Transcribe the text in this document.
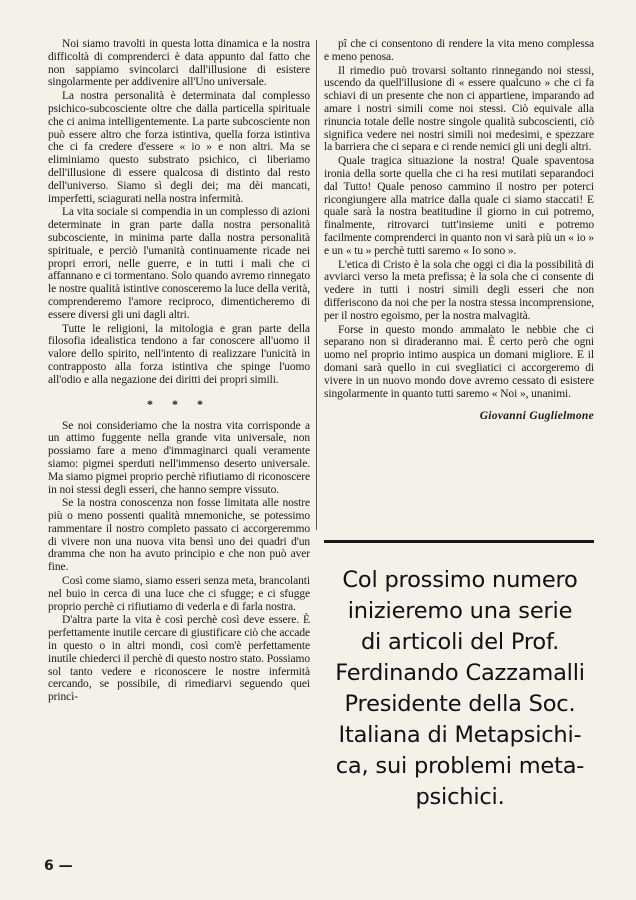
Noi siamo travolti in questa lotta dinamica e la nostra difficoltà di comprenderci è data appunto dal fatto che non sappiamo svincolarci dall'illusione di esistere singolarmente per addivenire all'Uno universale.

La nostra personalità è determinata dal complesso psichico-subcosciente oltre che dalla particella spirituale che ci anima intelligentemente. La parte subcosciente non può essere altro che forza istintiva, quella forza istintiva che ci fa credere d'essere « io » e non altri. Ma se eliminiamo questo substrato psichico, ci liberiamo dell'illusione di essere qualcosa di distinto dal resto dell'universo. Siamo sì degli dei; ma dèi mancati, imperfetti, sciagurati nella nostra infermità.

La vita sociale si compendia in un complesso di azioni determinate in gran parte dalla nostra personalità subcosciente, in minima parte dalla nostra personalità spirituale, e perciò l'umanità continuamente ricade nei propri errori, nelle guerre, e in tutti i mali che ci affannano e ci tormentano. Solo quando avremo rinnegato le nostre qualità istintive conosceremo la luce della verità, comprenderemo l'amore reciproco, dimenticheremo di essere diversi gli uni dagli altri.

Tutte le religioni, la mitologia e gran parte della filosofia idealistica tendono a far conoscere all'uomo il valore dello spirito, nell'intento di realizzare l'unicità in contrapposto alla forza istintiva che spinge l'uomo all'odio e alla negazione dei diritti dei propri simili.

* * *

Se noi consideriamo che la nostra vita corrisponde a un attimo fuggente nella grande vita universale, non possiamo fare a meno d'immaginarci quali veramente siamo: pigmei sperduti nell'immenso deserto universale. Ma siamo pigmei proprio perchè rifiutiamo di riconoscere in noi stessi degli esseri, che hanno sempre vissuto.

Se la nostra conoscenza non fosse limitata alle nostre più o meno possenti qualità mnemoniche, se potessimo rammentare il nostro completo passato ci accorgeremmo di vivere non una nuova vita bensì uno dei quadri d'un dramma che non ha avuto principio e che non può aver fine.

Così come siamo, siamo esseri senza meta, brancolanti nel buio in cerca di una luce che ci sfugge; e ci sfugge proprio perchè ci rifiutiamo di vederla e di farla nostra.

D'altra parte la vita è così perchè così deve essere. È perfettamente inutile cercare di giustificare ciò che accade in questo o in altri mondi, così com'è perfettamente inutile chiederci il perchè di questo nostro stato. Possiamo sol tanto vedere e riconoscere le nostre infermità cercando, se possibile, di rimediarvi seguendo quei princì-

pî che ci consentono di rendere la vita meno complessa e meno penosa.

Il rimedio può trovarsi soltanto rinnegando noi stessi, uscendo da quell'illusione di « essere qualcuno » che ci fa schiavi di un presente che non ci appartiene, imparando ad amare i nostri simili come noi stessi. Ciò equivale alla rinuncia totale delle nostre singole qualità subcoscienti, ciò significa vedere nei nostri simili noi medesimi, e spezzare la barriera che ci separa e ci rende nemici gli uni degli altri.

Quale tragica situazione la nostra! Quale spaventosa ironia della sorte quella che ci ha resi mutilati separandoci dal Tutto! Quale penoso cammino il nostro per poterci ricongiungere alla matrice dalla quale ci siamo staccati! E quale sarà la nostra beatitudine il giorno in cui potremo, finalmente, ritrovarci tutt'insieme uniti e potremo facilmente comprenderci in quanto non vi sarà più un « io » e un « tu » perchè tutti saremo « Io sono ».

L'etica di Cristo è la sola che oggi ci dia la possibilità di avviarci verso la meta prefissa; è la sola che ci consente di vedere in tutti i nostri simili degli esseri che non differiscono da noi che per la nostra stessa incomprensione, per il nostro egoismo, per la nostra malvagità.

Forse in questo mondo ammalato le nebbie che ci separano non si diraderanno mai. È certo però che ogni uomo nel proprio intimo auspica un domani migliore. E il domani sarà quello in cui svegliatici ci accorgeremo di vivere in un nuovo mondo dove avremo cessato di esistere singolarmente in quanto tutti saremo « Noi », unanimi.

Giovanni Guglielmone
Col prossimo numero
inizieremo una serie
di articoli del Prof.
Ferdinando Cazzamalli
Presidente della Soc.
Italiana di Metapsichi-
ca, sui problemi meta-
psichici.
6 —
